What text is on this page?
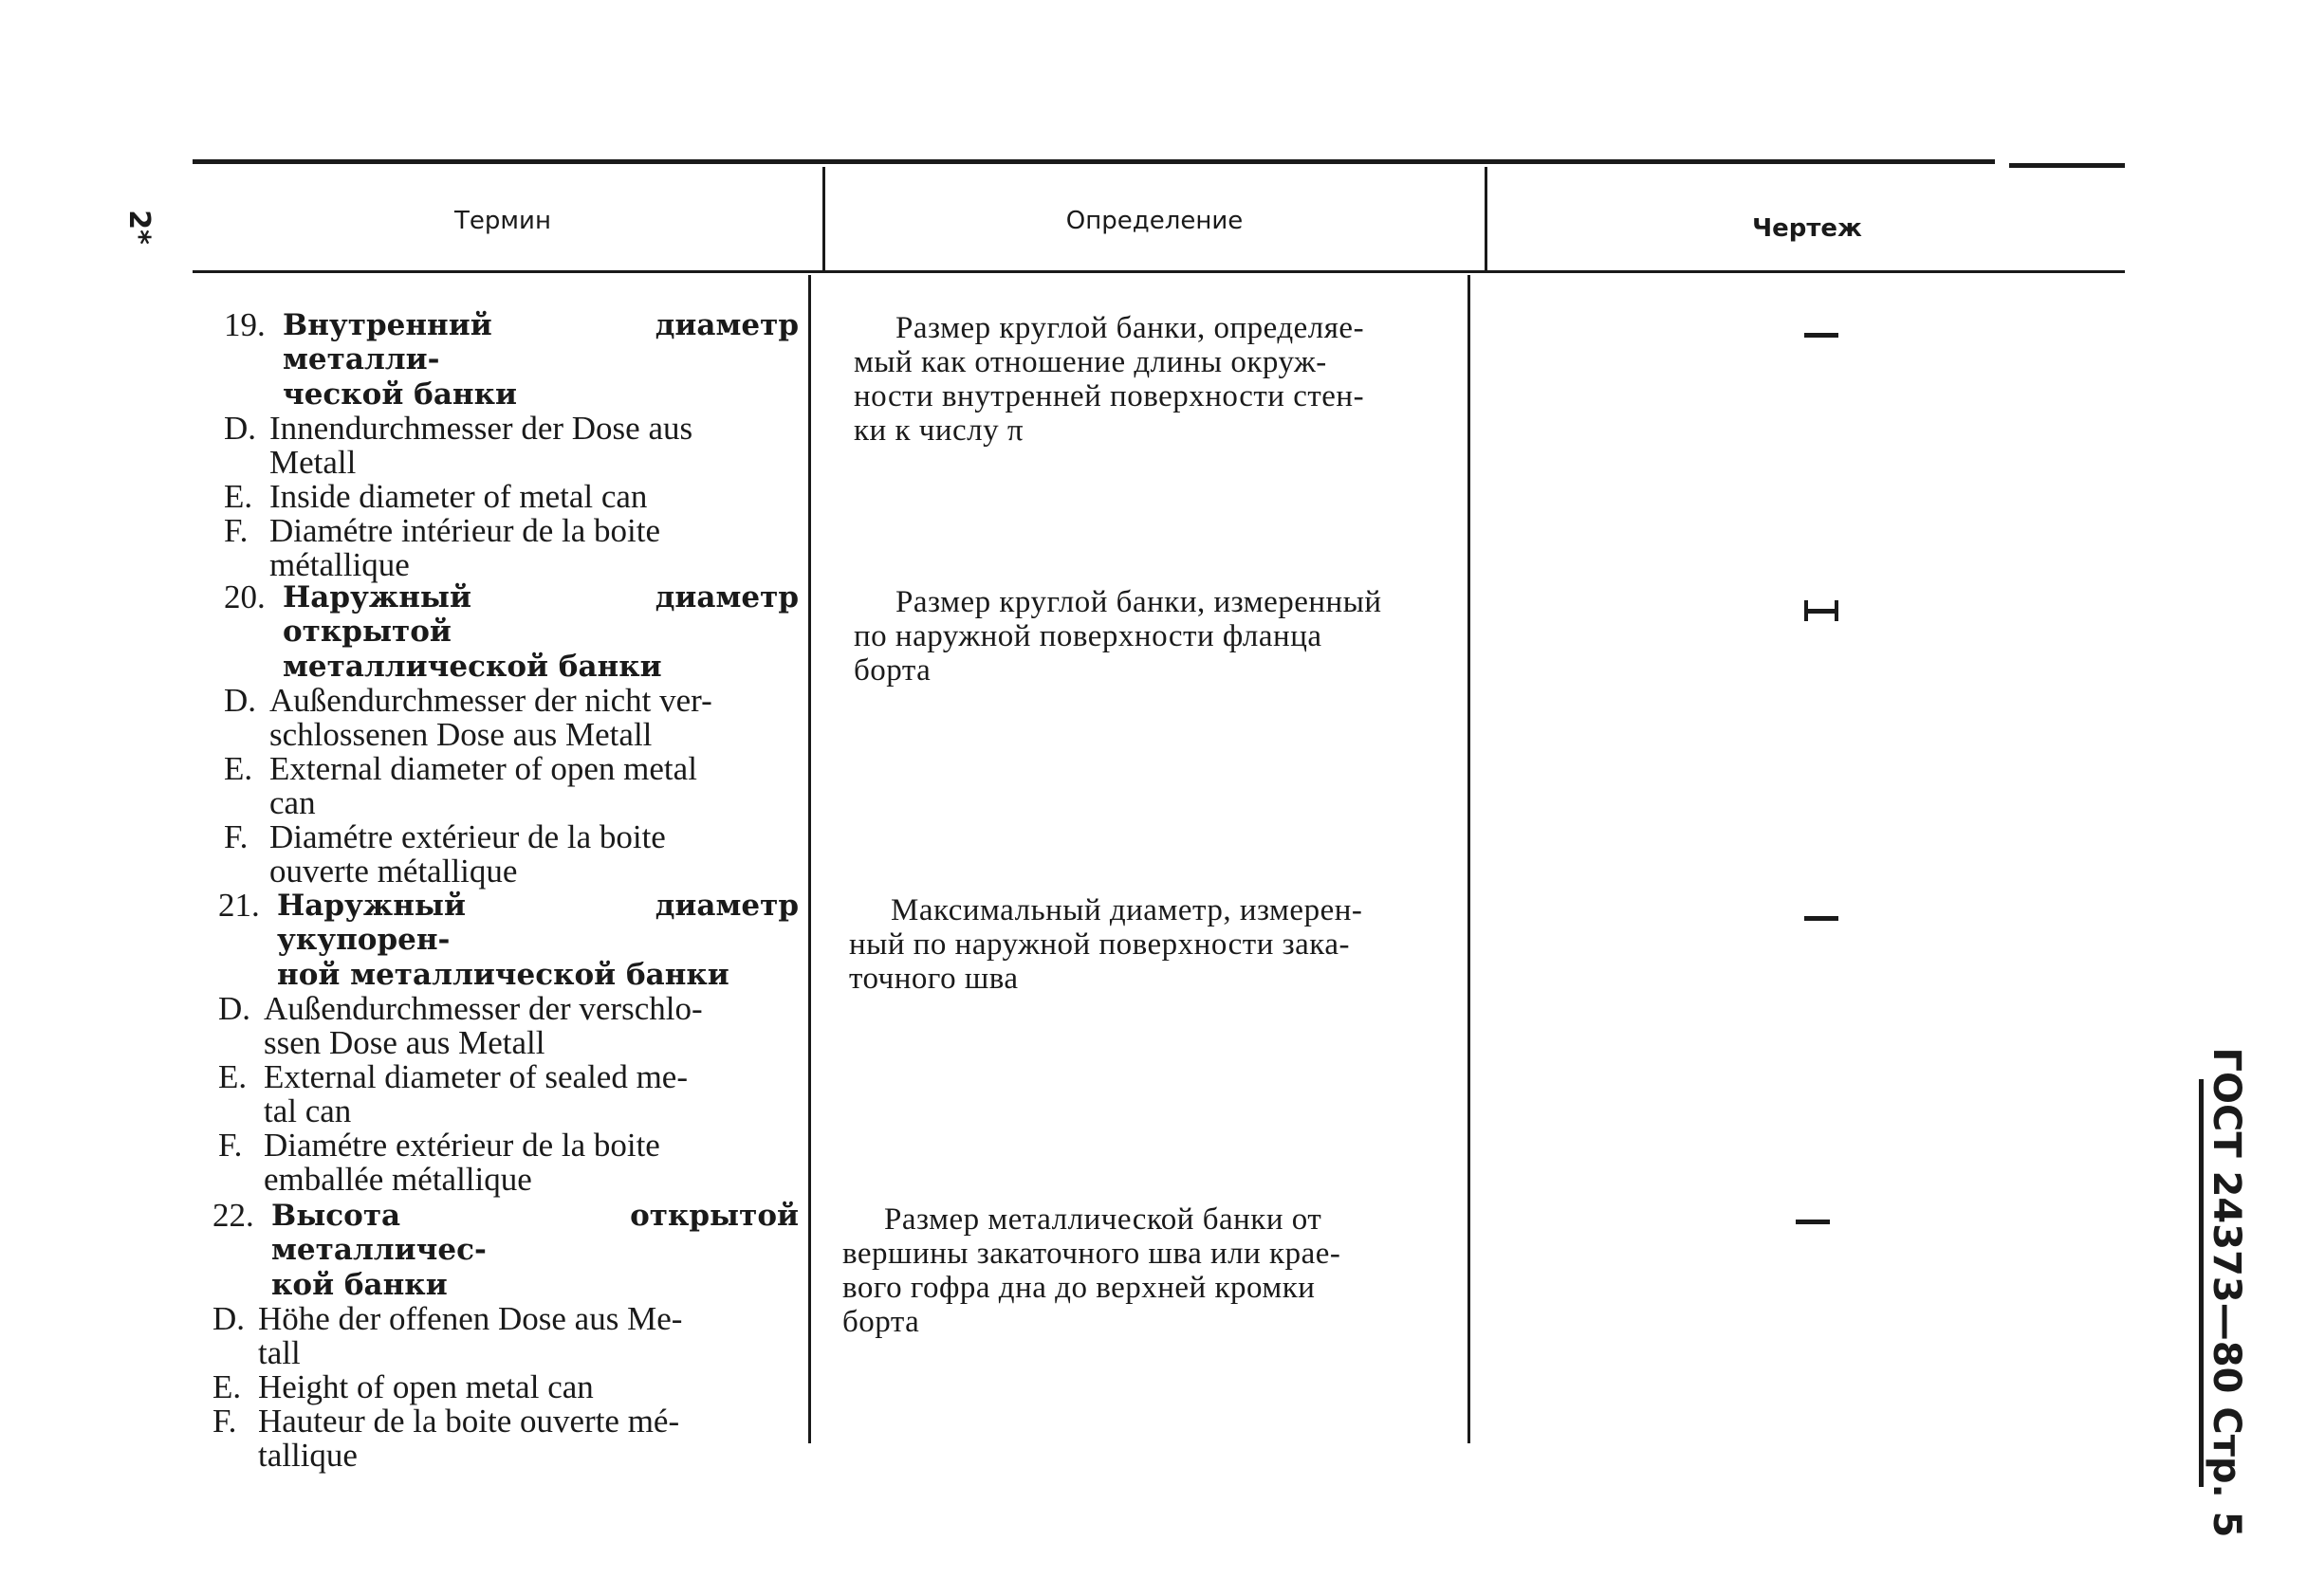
Термин	Определение	Чертеж
2*
ГОСТ 24373—80 Стр. 5
19. Внутренний диаметр металли-
ческой банки
D. Innendurchmesser der Dose aus
Metall
E. Inside diameter of metal can
F. Diamétre intérieur de la boite
métallique
Размер круглой банки, определяе-
мый как отношение длины окруж-
ности внутренней поверхности стен-
ки к числу π
20. Наружный диаметр открытой
металлической банки
D. Außendurchmesser der nicht ver-
schlossenen Dose aus Metall
E. External diameter of open metal
can
F. Diamétre extérieur de la boite
ouverte métallique
Размер круглой банки, измеренный
по наружной поверхности фланца
борта
21. Наружный диаметр укупорен-
ной металлической банки
D. Außendurchmesser der verschlo-
ssen Dose aus Metall
E. External diameter of sealed me-
tal can
F. Diamétre extérieur de la boite
emballée métallique
Максимальный диаметр, измерен-
ный по наружной поверхности зака-
точного шва
22. Высота открытой металличес-
кой банки
D. Höhe der offenen Dose aus Me-
tall
E. Height of open metal can
F. Hauteur de la boite ouverte mé-
tallique
Размер металлической банки от
вершины закаточного шва или крае-
вого гофра дна до верхней кромки
борта
